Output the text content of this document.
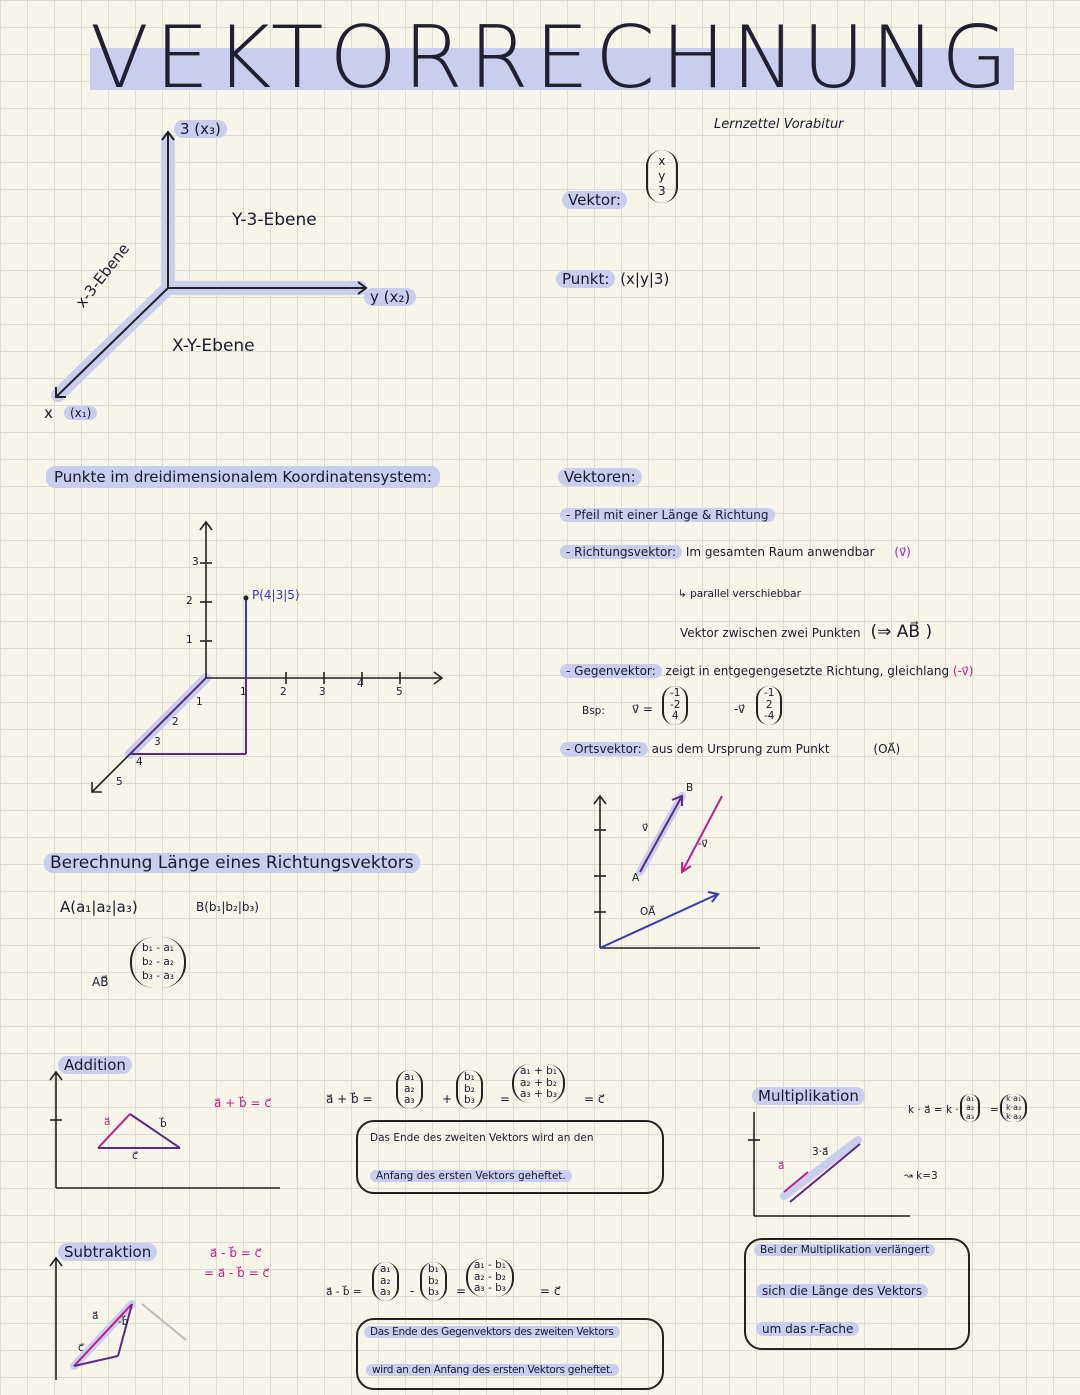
VEKTORRECHNUNG
Lernzettel Vorabitur
3 (x₃)
y (x₂)
x	(x₁)
x-3-Ebene
Y-3-Ebene
X-Y-Ebene
Vektor:
x
y
3
Punkt: (x|y|3)
Punkte im dreidimensionalem Koordinatensystem:
P(4|3|5)
1
2
3
1	2	3
4
5
1
2
3
4
5
Vektoren:
- Pfeil mit einer Länge & Richtung
- Richtungsvektor: Im gesamten Raum anwendbar (v⃗)
↳ parallel verschiebbar
Vektor zwischen zwei Punkten (⇒ AB⃗ )
- Gegenvektor: zeigt in entgegengesetzte Richtung, gleichlang (-v⃗)
Bsp: v⃗ =
-1
-2
4
-v⃗
-1
2
-4
- Ortsvektor: aus dem Ursprung zum Punkt	(OA⃗)
B
A
v⃗
-v⃗
OA⃗
Berechnung Länge eines Richtungsvektors
A(a₁|a₂|a₃)	B(b₁|b₂|b₃)
AB⃗
b₁ - a₁
b₂ - a₂
b₃ - a₃
Addition
a⃗	b⃗
c⃗
a⃗ + b⃗ = c⃗	a⃗ + b⃗ =
a₁
a₂
a₃	+
b₁
b₂
b₃	=
a₁ + b₁
a₂ + b₂
a₃ + b₃	= c⃗
Das Ende des zweiten Vektors wird an den
Anfang des ersten Vektors geheftet.
Subtraktion
a⃗ -b⃗
c⃗
a⃗ - b⃗ = c⃗
= a⃗ - b⃗ = c⃗
a⃗ - b⃗ =
a₁
a₂
a₃	-
b₁
b₂
b₃	=
a₁ - b₁
a₂ - b₂
a₃ - b₃	= c⃗
Das Ende des Gegenvektors des zweiten Vektors
wird an den Anfang des ersten Vektors geheftet.
Multiplikation
a⃗
3·a⃗
k · a⃗ = k ·
a₁
a₂
a₃
=
k·a₁
k·a₂
k·a₃
↝ k=3
Bei der Multiplikation verlängert
sich die Länge des Vektors
um das r-Fache
